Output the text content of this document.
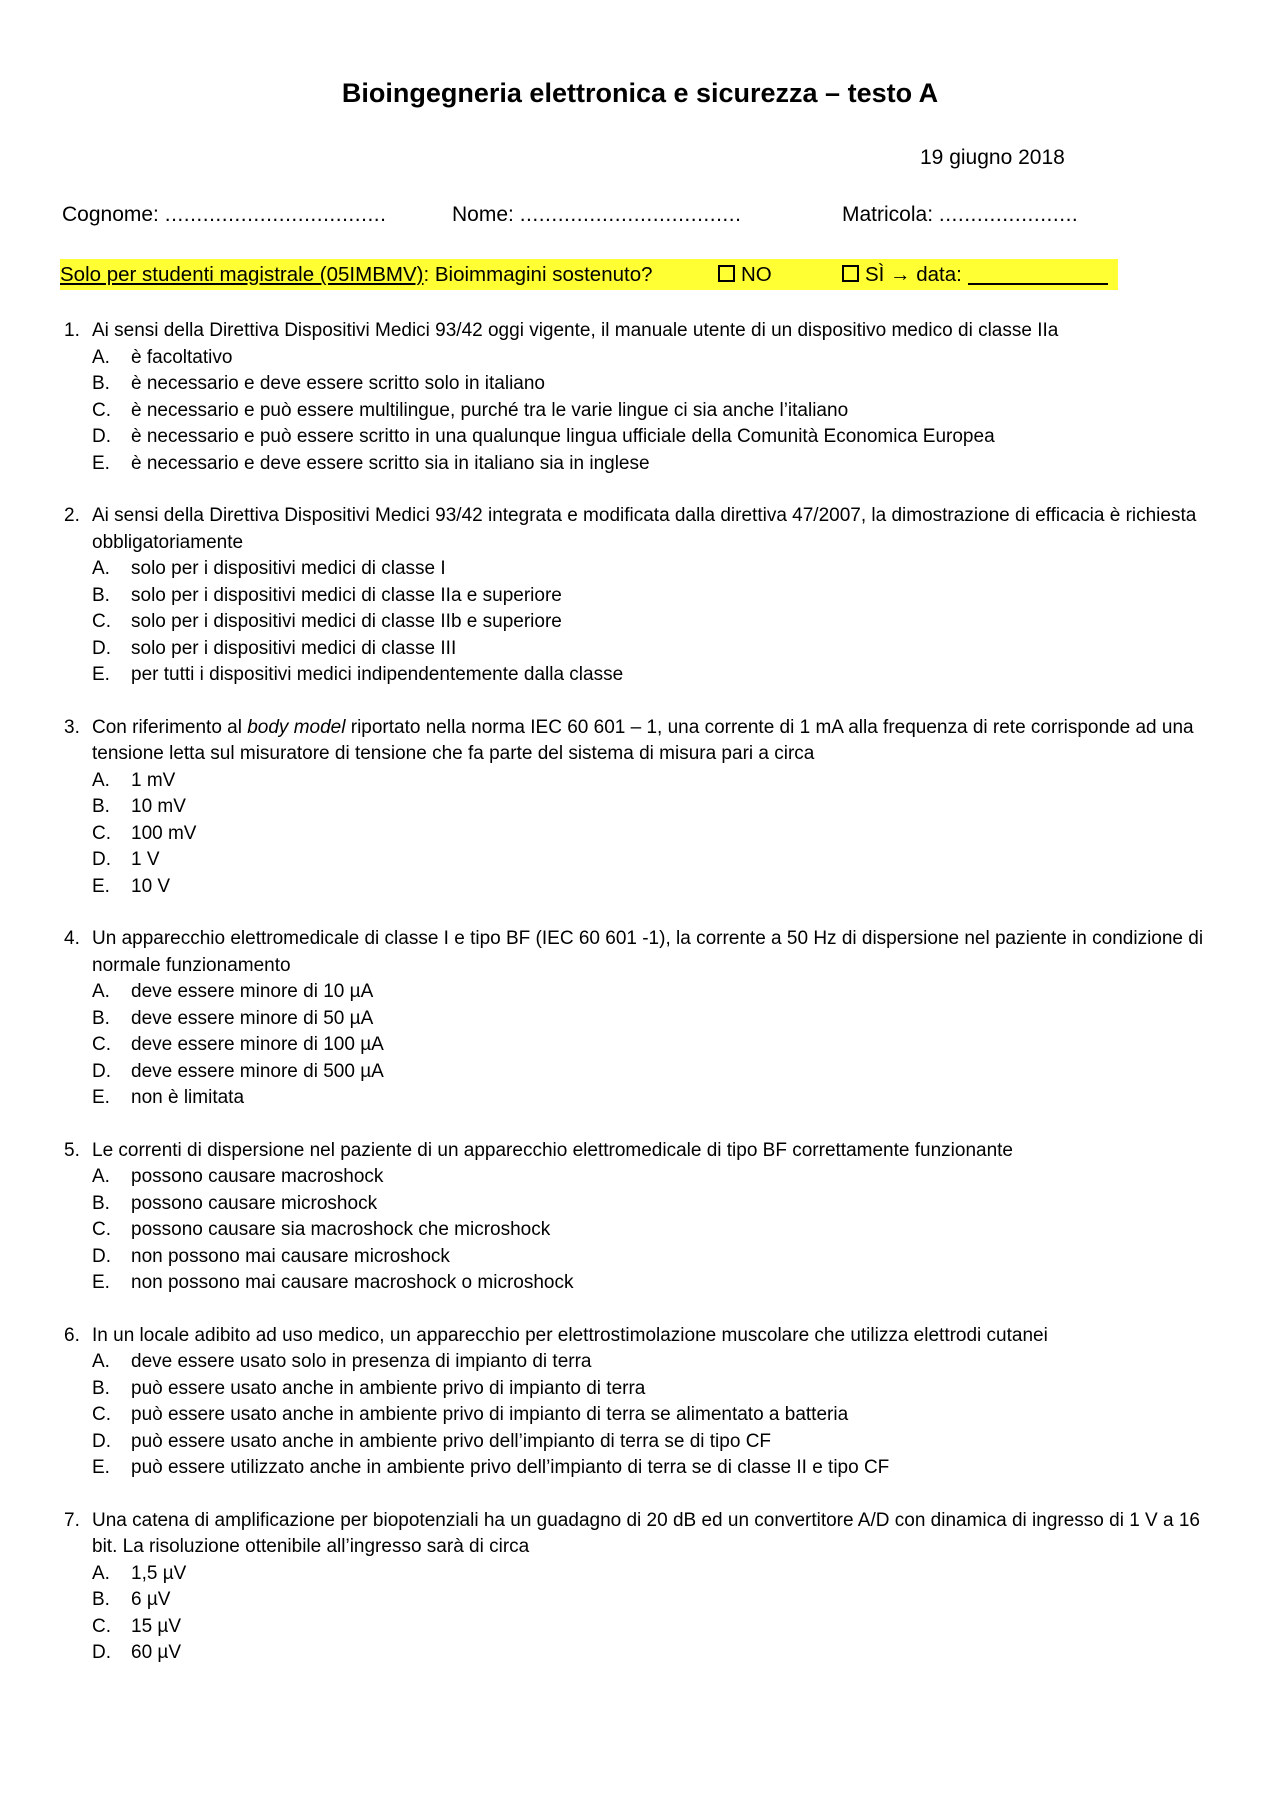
Bioingegneria elettronica e sicurezza – testo A
19 giugno 2018
Cognome: ...................................	Nome: ...................................	Matricola: ......................
Solo per studenti magistrale (05IMBMV): Bioimmagini sostenuto?	NO	SÌ → data:
1. Ai sensi della Direttiva Dispositivi Medici 93/42 oggi vigente, il manuale utente di un dispositivo medico di classe IIa
A. è facoltativo
B. è necessario e deve essere scritto solo in italiano
C. è necessario e può essere multilingue, purché tra le varie lingue ci sia anche l’italiano
D. è necessario e può essere scritto in una qualunque lingua ufficiale della Comunità Economica Europea
E. è necessario e deve essere scritto sia in italiano sia in inglese
2. Ai sensi della Direttiva Dispositivi Medici 93/42 integrata e modificata dalla direttiva 47/2007, la dimostrazione di efficacia è richiesta obbligatoriamente
A. solo per i dispositivi medici di classe I
B. solo per i dispositivi medici di classe IIa e superiore
C. solo per i dispositivi medici di classe IIb e superiore
D. solo per i dispositivi medici di classe III
E. per tutti i dispositivi medici indipendentemente dalla classe
3. Con riferimento al body model riportato nella norma IEC 60 601 – 1, una corrente di 1 mA alla frequenza di rete corrisponde ad una tensione letta sul misuratore di tensione che fa parte del sistema di misura pari a circa
A. 1 mV
B. 10 mV
C. 100 mV
D. 1 V
E. 10 V
4. Un apparecchio elettromedicale di classe I e tipo BF (IEC 60 601 -1), la corrente a 50 Hz di dispersione nel paziente in condizione di normale funzionamento
A. deve essere minore di 10 µA
B. deve essere minore di 50 µA
C. deve essere minore di 100 µA
D. deve essere minore di 500 µA
E. non è limitata
5. Le correnti di dispersione nel paziente di un apparecchio elettromedicale di tipo BF correttamente funzionante
A. possono causare macroshock
B. possono causare microshock
C. possono causare sia macroshock che microshock
D. non possono mai causare microshock
E. non possono mai causare macroshock o microshock
6. In un locale adibito ad uso medico, un apparecchio per elettrostimolazione muscolare che utilizza elettrodi cutanei
A. deve essere usato solo in presenza di impianto di terra
B. può essere usato anche in ambiente privo di impianto di terra
C. può essere usato anche in ambiente privo di impianto di terra se alimentato a batteria
D. può essere usato anche in ambiente privo dell’impianto di terra se di tipo CF
E. può essere utilizzato anche in ambiente privo dell’impianto di terra se di classe II e tipo CF
7. Una catena di amplificazione per biopotenziali ha un guadagno di 20 dB ed un convertitore A/D con dinamica di ingresso di 1 V a 16 bit. La risoluzione ottenibile all’ingresso sarà di circa
A. 1,5 µV
B. 6 µV
C. 15 µV
D. 60 µV
